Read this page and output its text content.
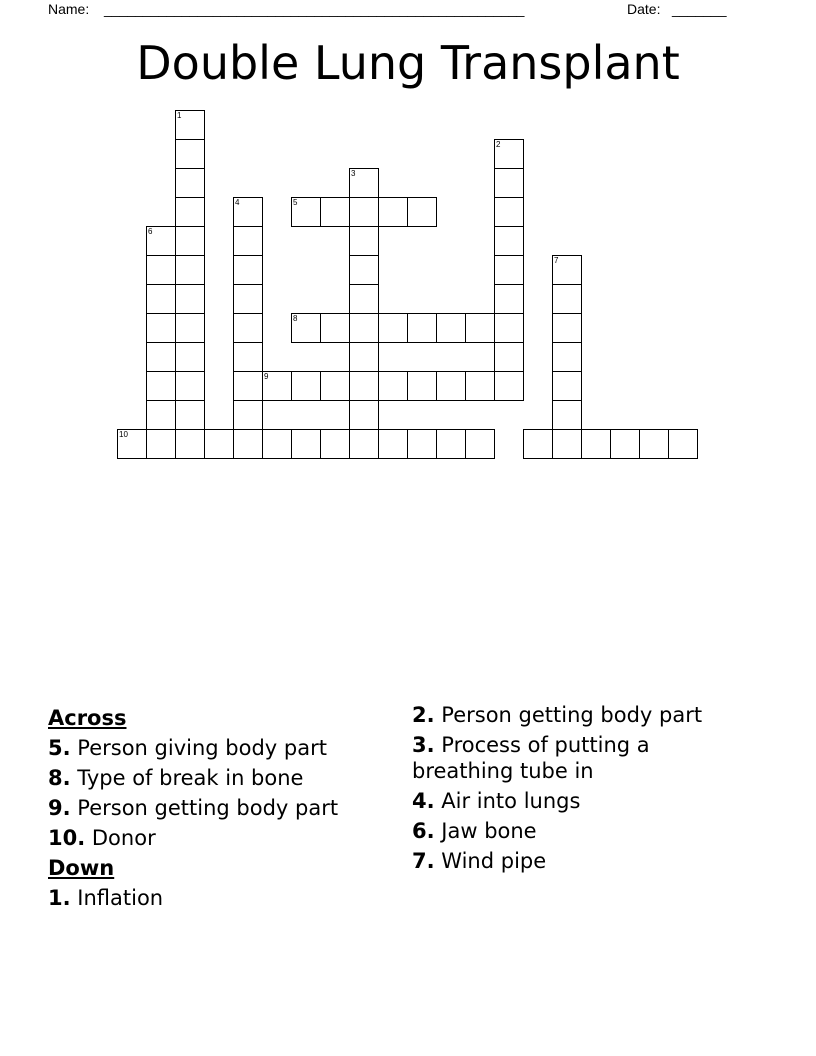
Name: ______________________________________________________	Date: _______
Double Lung Transplant
1
4
6
3
2
7
5
8
9
10
Across
5. Person giving body part
8. Type of break in bone
9. Person getting body part
10. Donor
Down
1. Inflation
2. Person getting body part
3. Process of putting a breathing tube in
4. Air into lungs
6. Jaw bone
7. Wind pipe
